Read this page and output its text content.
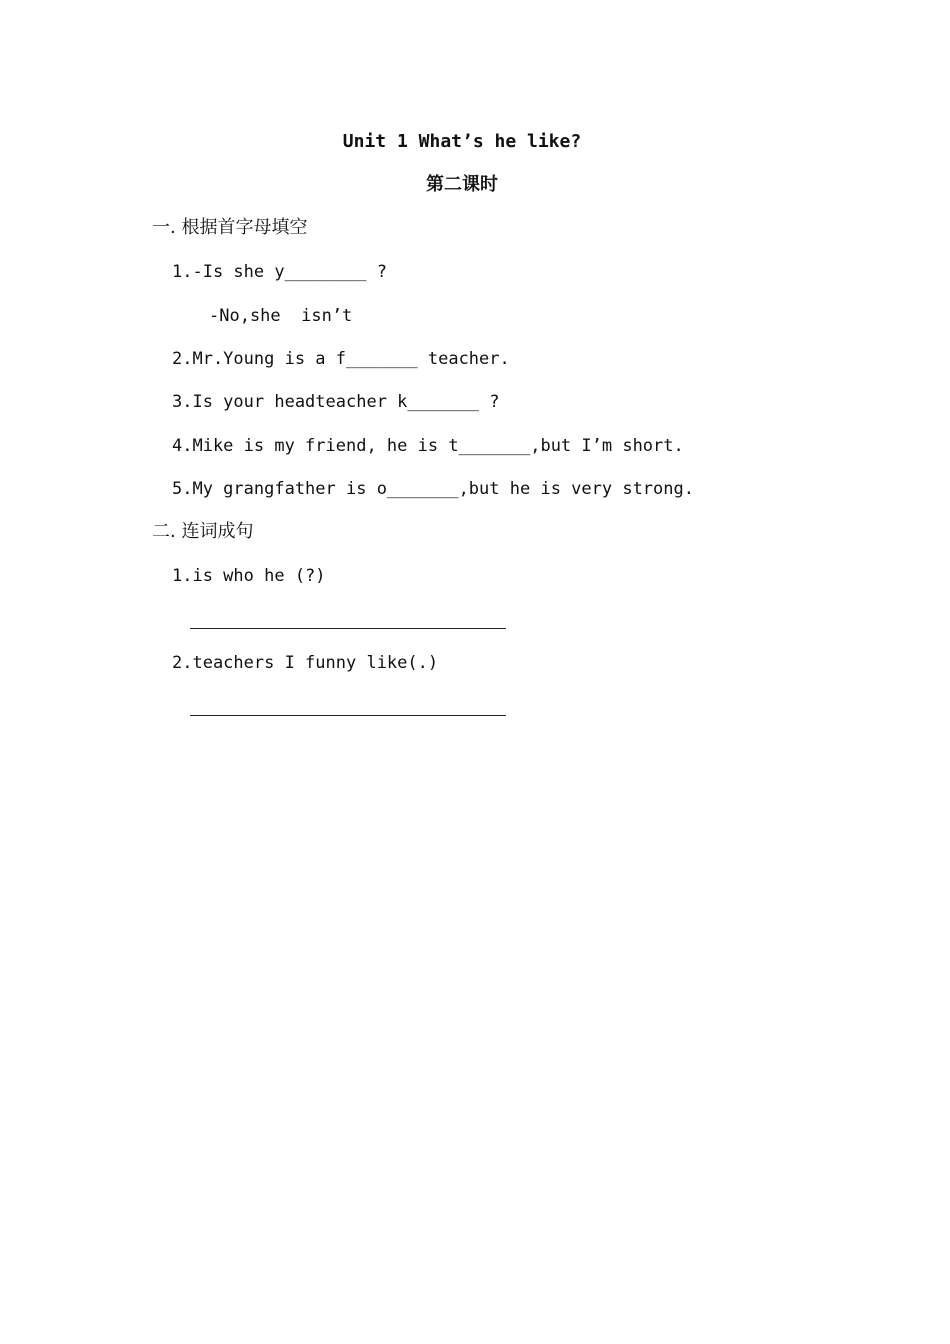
Unit 1 What’s he like?
第二课时
一. 根据首字母填空
1.-Is she y________ ?
-No,she  isn’t
2.Mr.Young is a f_______ teacher.
3.Is your headteacher k_______ ?
4.Mike is my friend, he is t_______,but I’m short.
5.My grangfather is o_______,but he is very strong.
二. 连词成句
1.is who he (?)
2.teachers I funny like(.)
